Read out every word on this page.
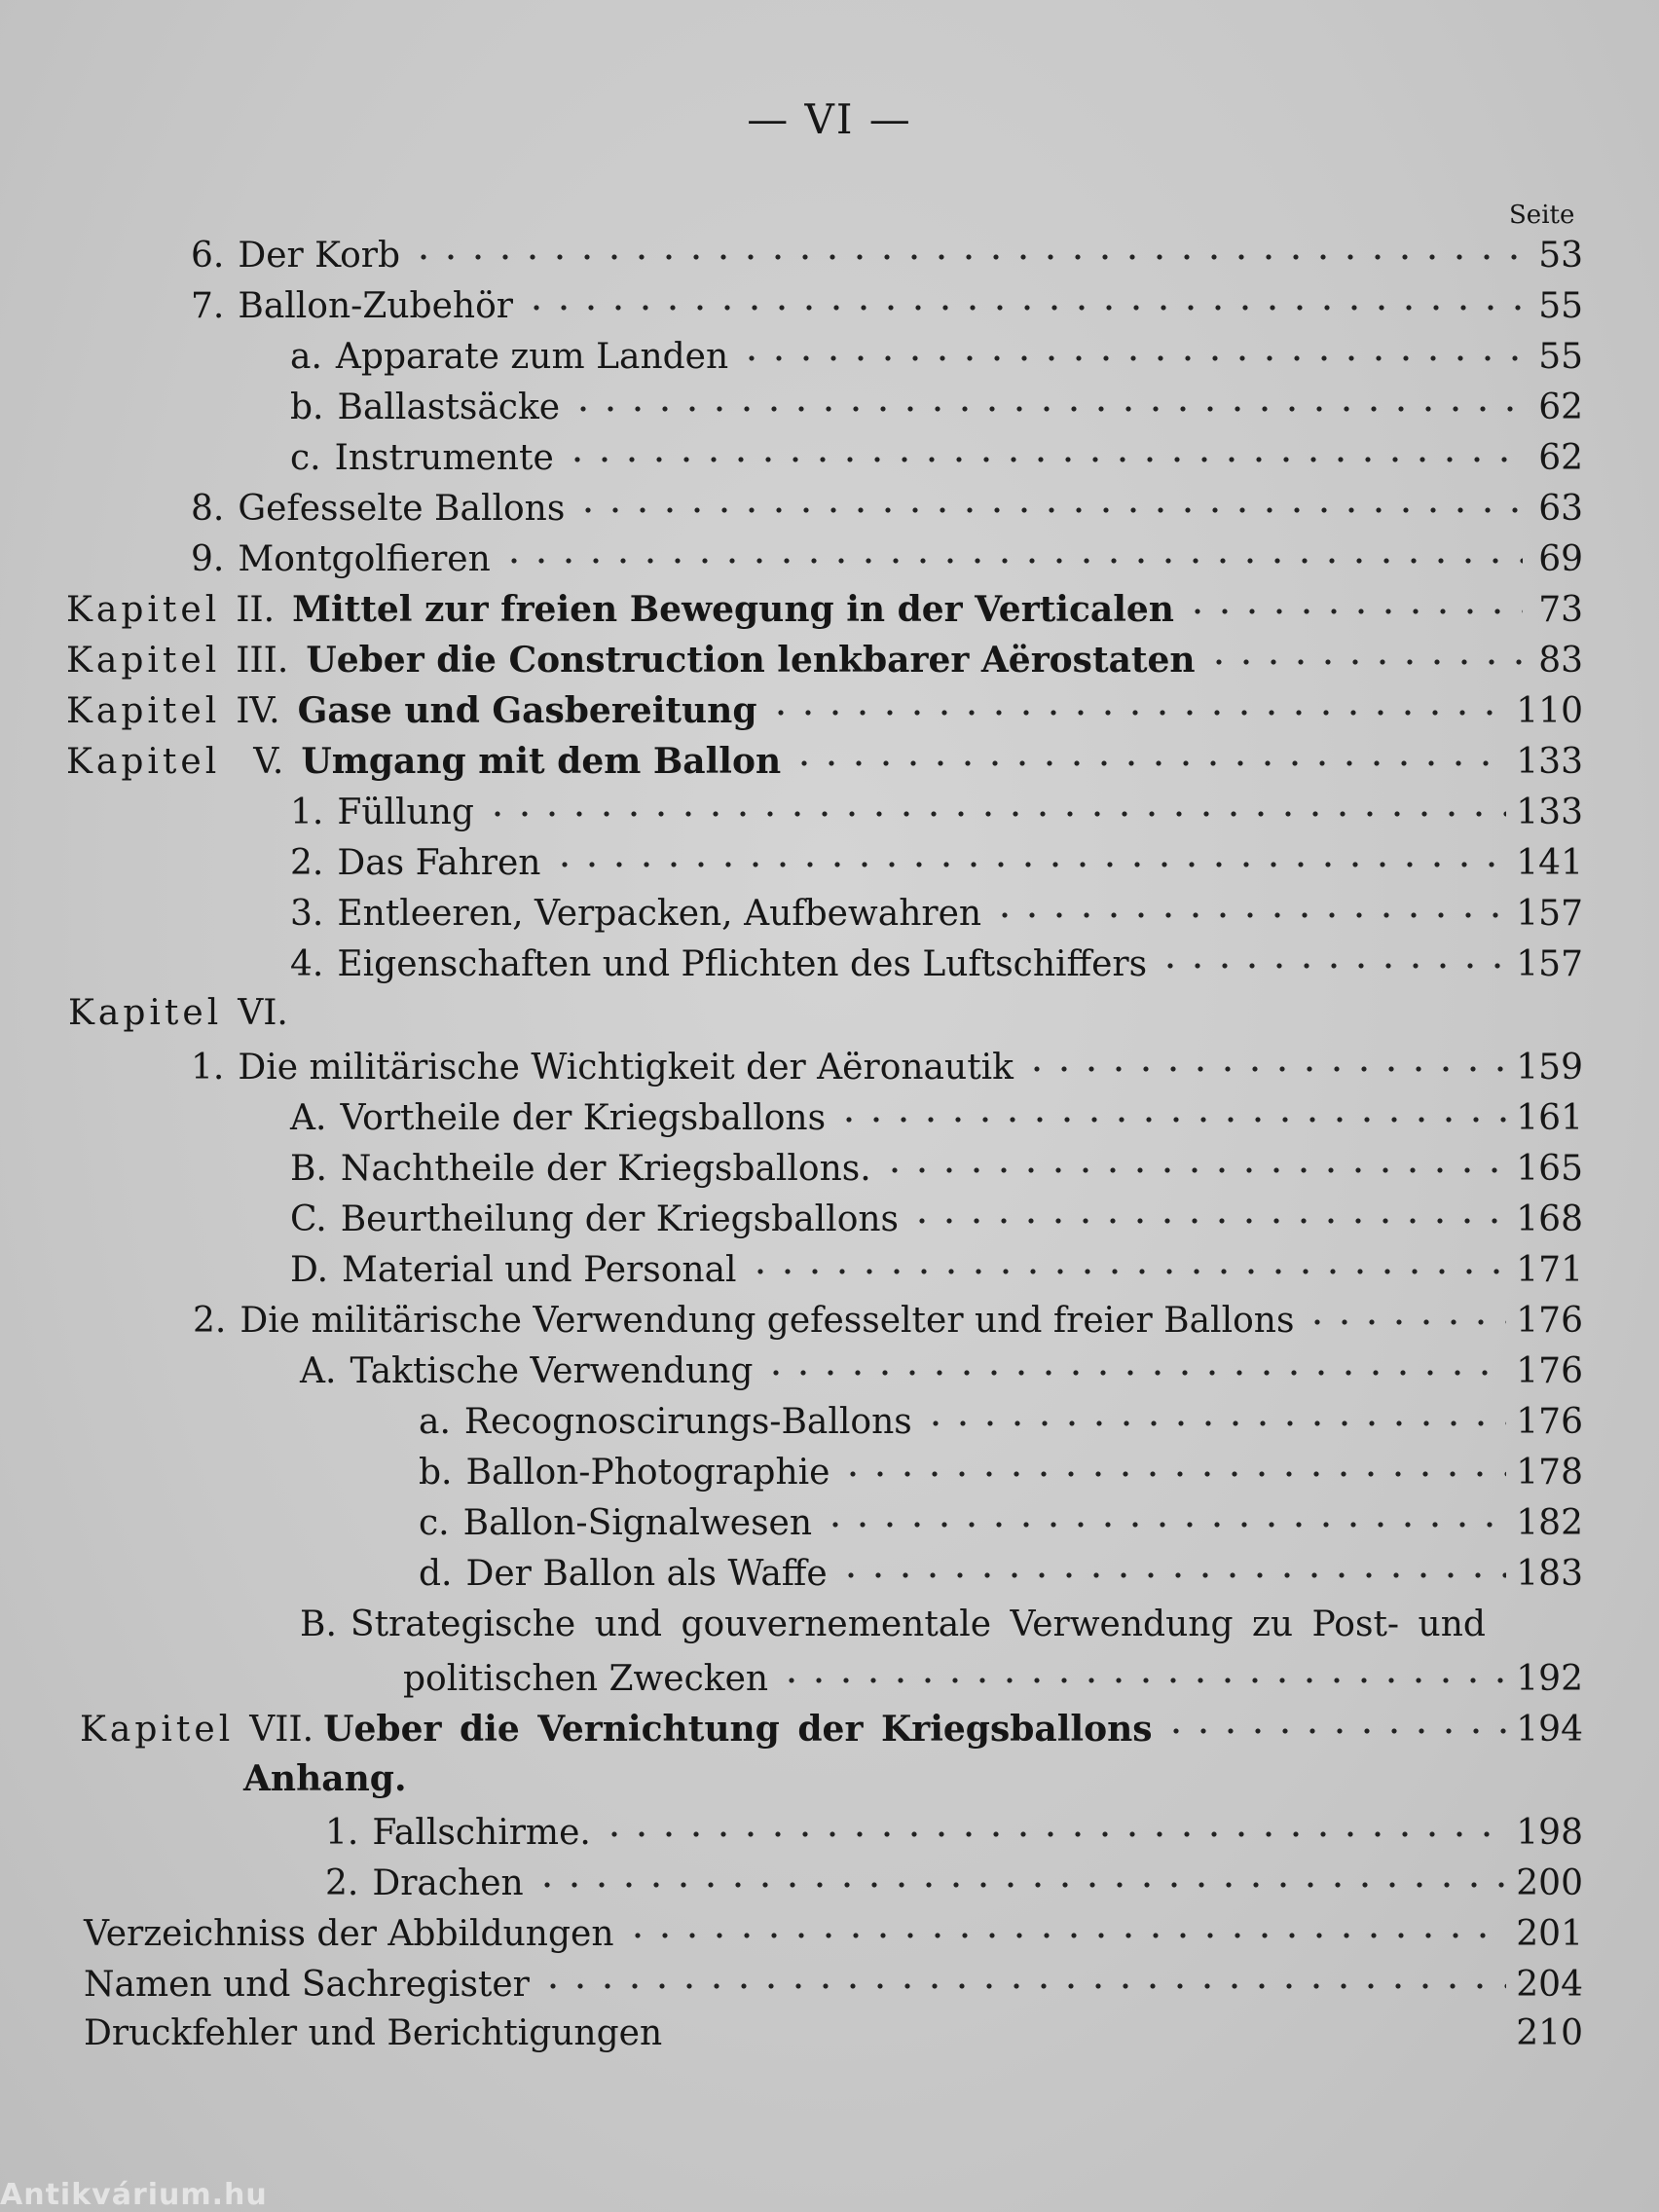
— VI —
Seite
6. Der Korb	53
7. Ballon-Zubehör	55
a. Apparate zum Landen	55
b. Ballastsäcke	62
c. Instrumente	62
8. Gefesselte Ballons	63
9. Montgolfieren	69
Kapitel II. Mittel zur freien Bewegung in der Verticalen	73
Kapitel III. Ueber die Construction lenkbarer Aërostaten	83
Kapitel IV. Gase und Gasbereitung	110
Kapitel V. Umgang mit dem Ballon	133
1. Füllung	133
2. Das Fahren	141
3. Entleeren, Verpacken, Aufbewahren	157
4. Eigenschaften und Pflichten des Luftschiffers	157
Kapitel VI.
1. Die militärische Wichtigkeit der Aëronautik	159
A. Vortheile der Kriegsballons	161
B. Nachtheile der Kriegsballons.	165
C. Beurtheilung der Kriegsballons	168
D. Material und Personal	171
2. Die militärische Verwendung gefesselter und freier Ballons	176
A. Taktische Verwendung	176
a. Recognoscirungs-Ballons	176
b. Ballon-Photographie	178
c. Ballon-Signalwesen	182
d. Der Ballon als Waffe	183
B. Strategische und gouvernementale Verwendung zu Post- und
politischen Zwecken	192
Kapitel VII. Ueber die Vernichtung der Kriegsballons	194
Anhang.
1. Fallschirme.	198
2. Drachen	200
Verzeichniss der Abbildungen	201
Namen und Sachregister	204
Druckfehler und Berichtigungen	210
Antikvárium.hu
